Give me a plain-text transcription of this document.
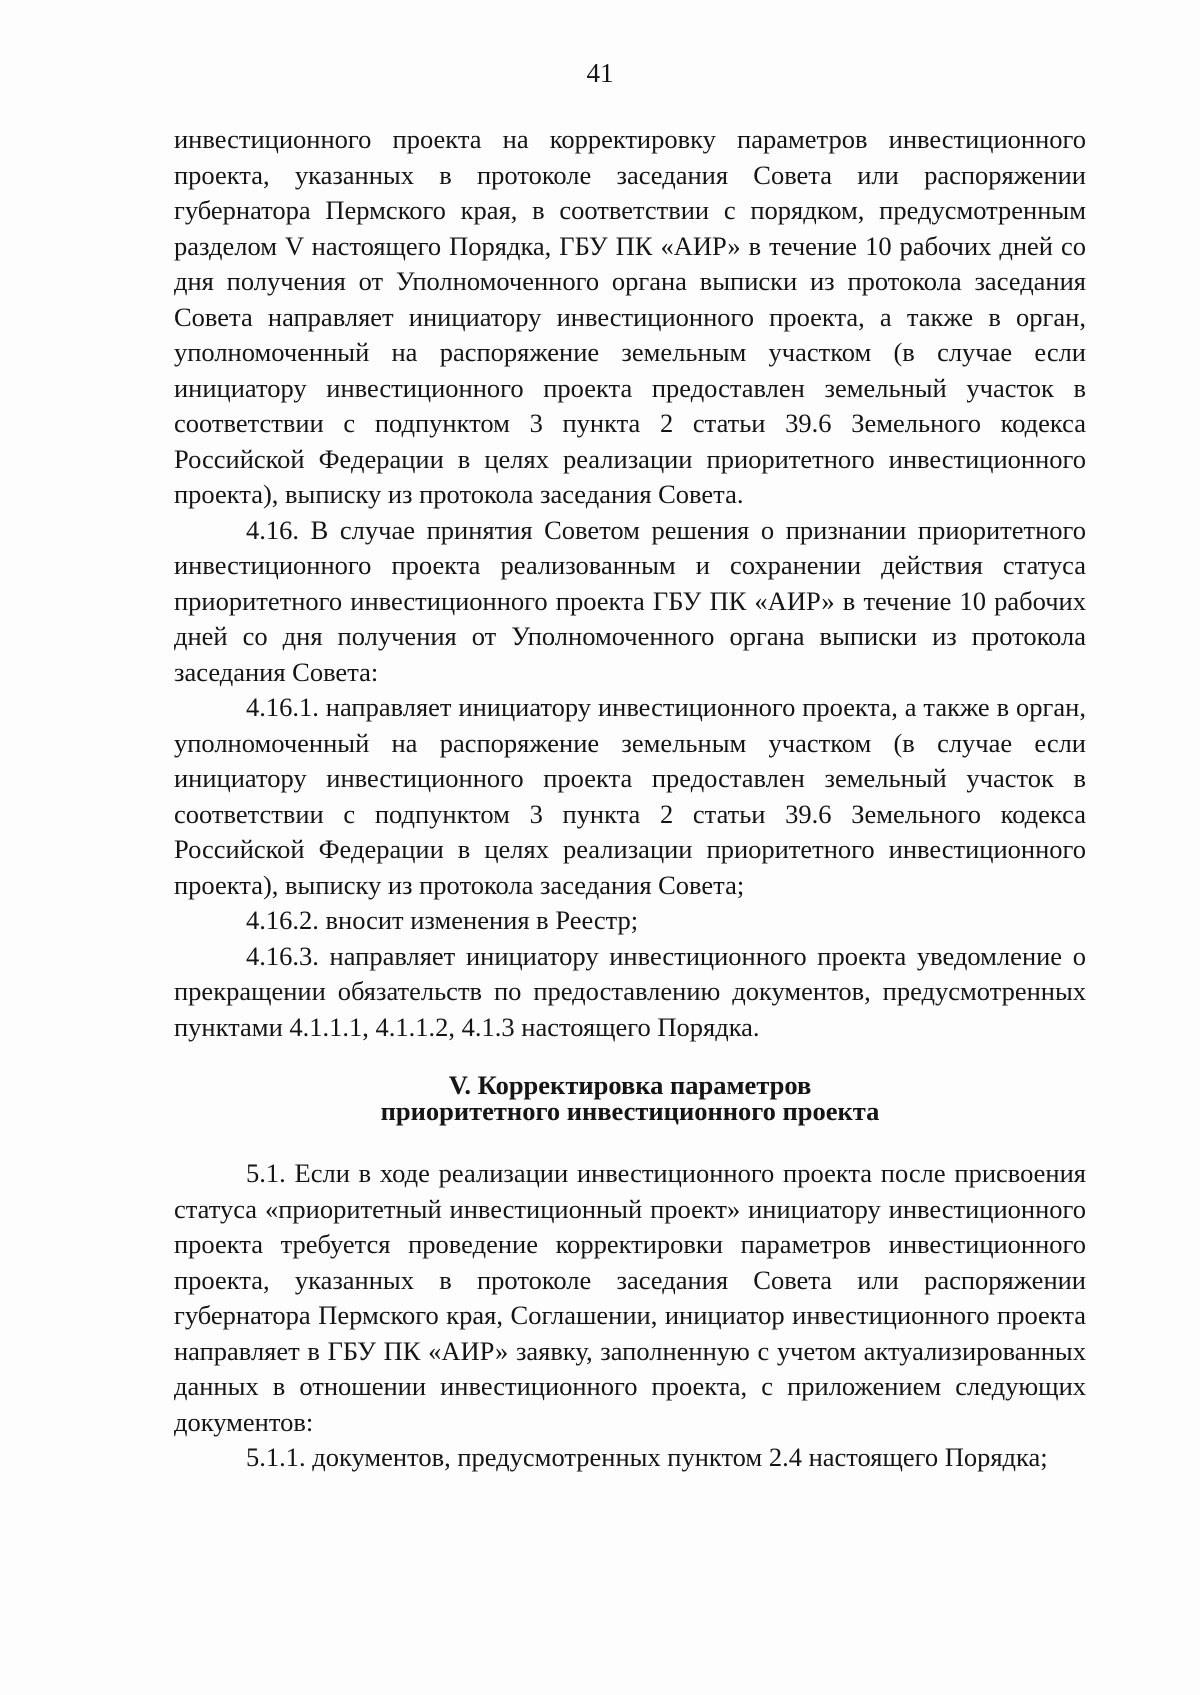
41

инвестиционного проекта на корректировку параметров инвестиционного проекта, указанных в протоколе заседания Совета или распоряжении губернатора Пермского края, в соответствии с порядком, предусмотренным разделом V настоящего Порядка, ГБУ ПК «АИР» в течение 10 рабочих дней со дня получения от Уполномоченного органа выписки из протокола заседания Совета направляет инициатору инвестиционного проекта, а также в орган, уполномоченный на распоряжение земельным участком (в случае если инициатору инвестиционного проекта предоставлен земельный участок в соответствии с подпунктом 3 пункта 2 статьи 39.6 Земельного кодекса Российской Федерации в целях реализации приоритетного инвестиционного проекта), выписку из протокола заседания Совета.

4.16. В случае принятия Советом решения о признании приоритетного инвестиционного проекта реализованным и сохранении действия статуса приоритетного инвестиционного проекта ГБУ ПК «АИР» в течение 10 рабочих дней со дня получения от Уполномоченного органа выписки из протокола заседания Совета:

4.16.1. направляет инициатору инвестиционного проекта, а также в орган, уполномоченный на распоряжение земельным участком (в случае если инициатору инвестиционного проекта предоставлен земельный участок в соответствии с подпунктом 3 пункта 2 статьи 39.6 Земельного кодекса Российской Федерации в целях реализации приоритетного инвестиционного проекта), выписку из протокола заседания Совета;

4.16.2. вносит изменения в Реестр;

4.16.3. направляет инициатору инвестиционного проекта уведомление о прекращении обязательств по предоставлению документов, предусмотренных пунктами 4.1.1.1, 4.1.1.2, 4.1.3 настоящего Порядка.

V. Корректировка параметров
приоритетного инвестиционного проекта

5.1. Если в ходе реализации инвестиционного проекта после присвоения статуса «приоритетный инвестиционный проект» инициатору инвестиционного проекта требуется проведение корректировки параметров инвестиционного проекта, указанных в протоколе заседания Совета или распоряжении губернатора Пермского края, Соглашении, инициатор инвестиционного проекта направляет в ГБУ ПК «АИР» заявку, заполненную с учетом актуализированных данных в отношении инвестиционного проекта, с приложением следующих документов:

5.1.1. документов, предусмотренных пунктом 2.4 настоящего Порядка;
